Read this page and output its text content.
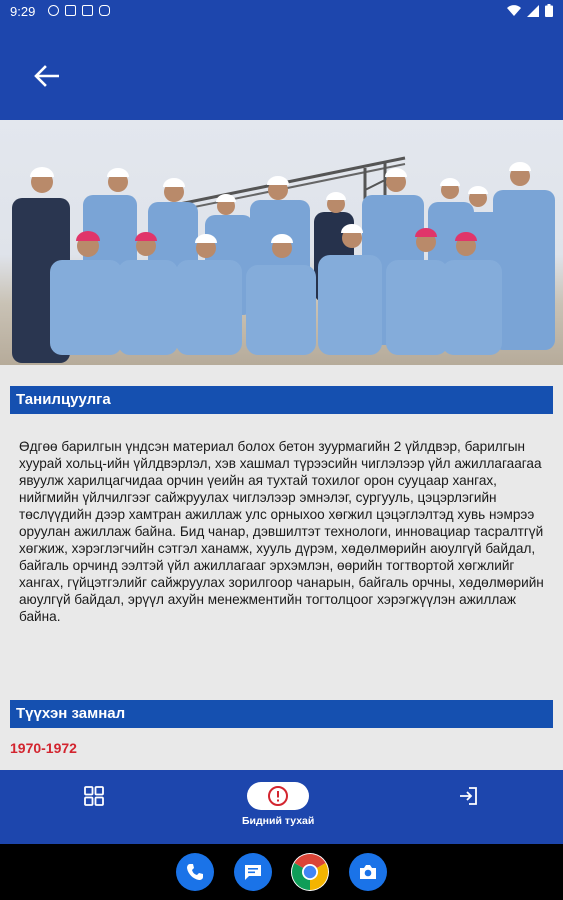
9:29
Танилцуулга

Өдгөө барилгын үндсэн материал болох бетон зуурмагийн 2 үйлдвэр, барилгын хуурай хольц-ийн үйлдвэрлэл, хэв хашмал түрээсийн чиглэлээр үйл ажиллагаагаа явуулж харилцагчидаа орчин үеийн ая тухтай тохилог орон сууцаар хангах, нийгмийн үйлчилгээг сайжруулах чиглэлээр эмнэлэг, сургууль, цэцэрлэгийн төслүүдийн дээр хамтран ажиллаж улс орныхоо хөгжил цэцэглэлтэд хувь нэмрээ оруулан ажиллаж байна. Бид чанар, дэвшилтэт технологи, инновациар тасралтгүй хөгжиж, хэрэглэгчийн сэтгэл ханамж, хууль дүрэм, хөдөлмөрийн аюулгүй байдал, байгаль орчинд ээлтэй үйл ажиллагааг эрхэмлэн, өөрийн тогтвортой хөгжлийг хангах, гүйцэтгэлийг сайжруулах зорилгоор чанарын, байгаль орчны, хөдөлмөрийн аюулгүй байдал, эрүүл ахуйн менежментийн тогтолцоог хэрэгжүүлэн ажиллаж байна.

Түүхэн замнал
1970-1972
Бидний тухай
